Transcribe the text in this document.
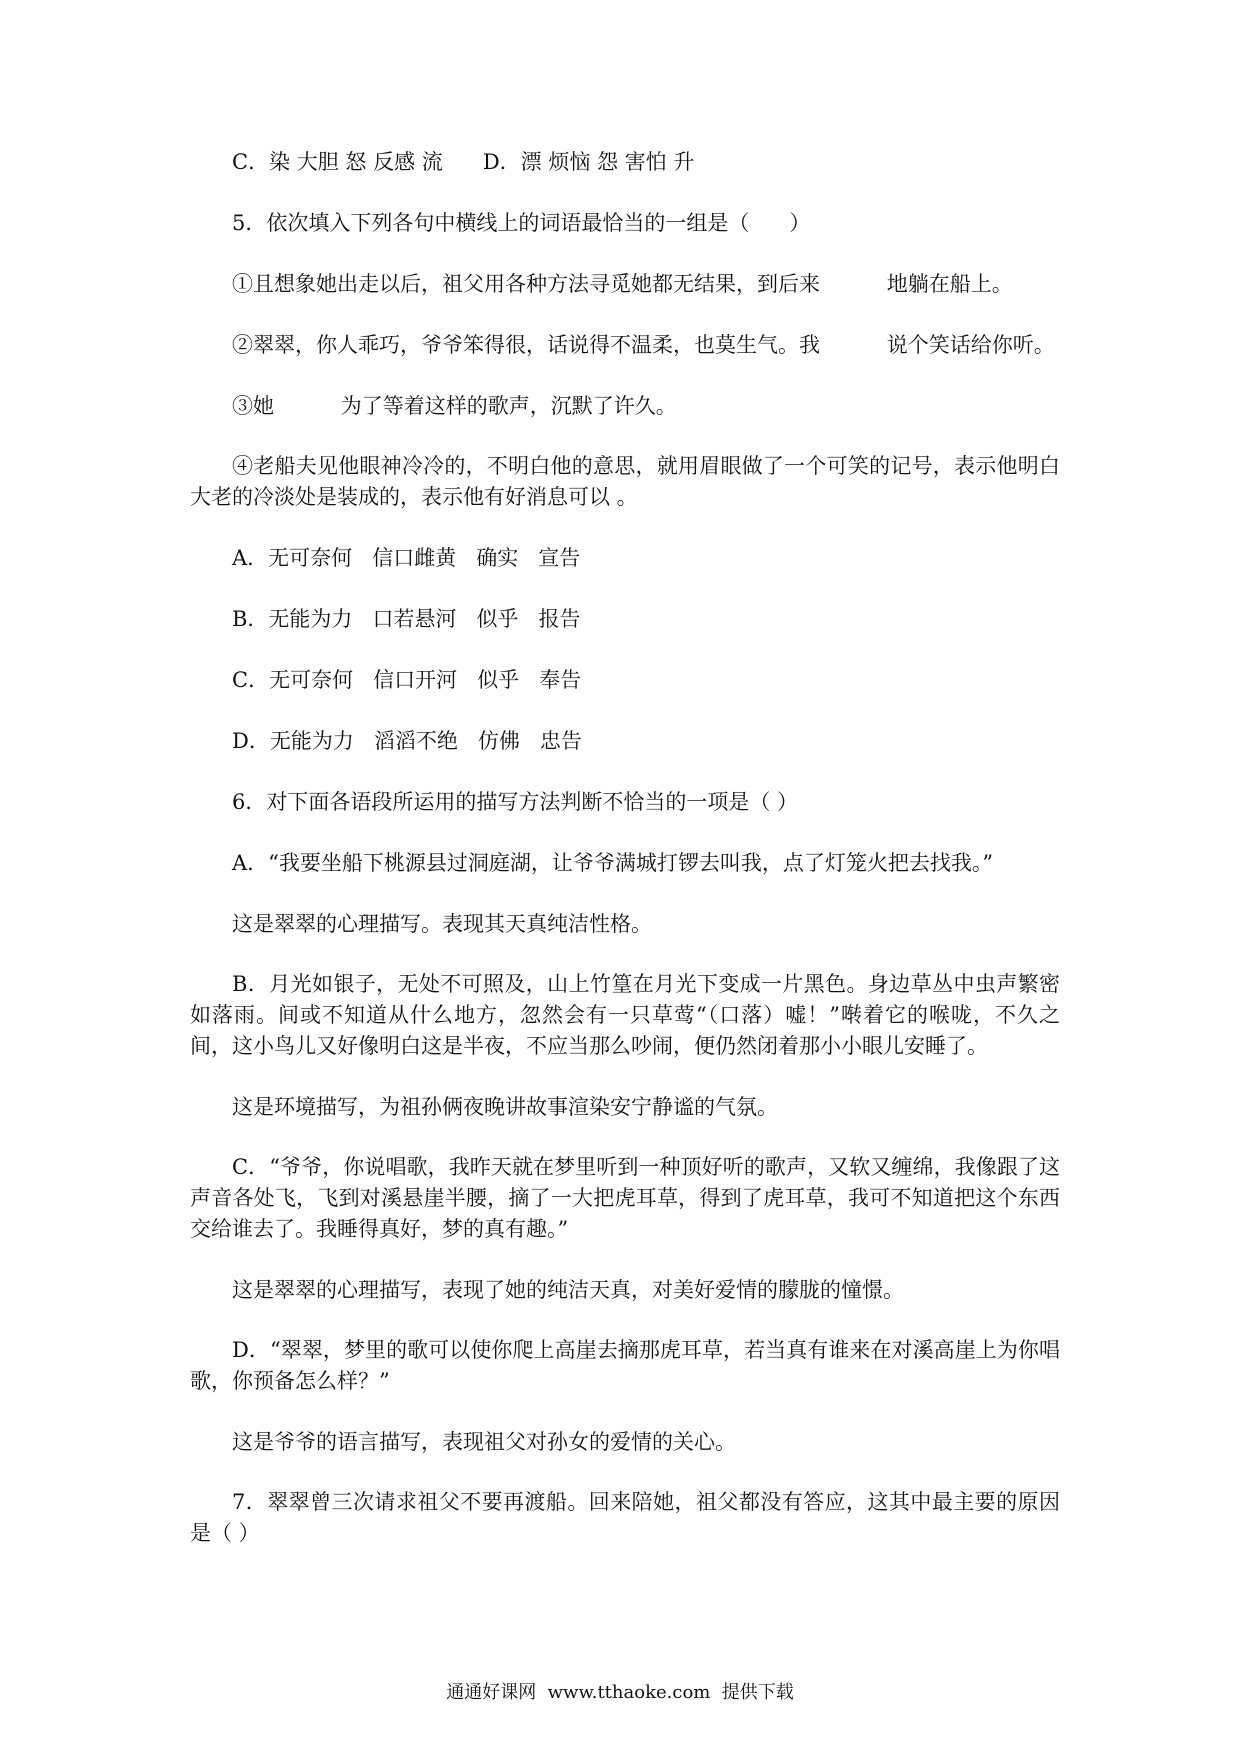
C．染 大胆 怒 反感 流      D．漂 烦恼 怨 害怕 升

5．依次填入下列各句中横线上的词语最恰当的一组是（      ）

①且想象她出走以后，祖父用各种方法寻觅她都无结果，到后来          地躺在船上。

②翠翠，你人乖巧，爷爷笨得很，话说得不温柔，也莫生气。我          说个笑话给你听。

③她          为了等着这样的歌声，沉默了许久。

④老船夫见他眼神冷冷的，不明白他的意思，就用眉眼做了一个可笑的记号，表示他明白大老的冷淡处是装成的，表示他有好消息可以 。

A．无可奈何   信口雌黄   确实   宣告

B．无能为力   口若悬河   似乎   报告

C．无可奈何   信口开河   似乎   奉告

D．无能为力   滔滔不绝   仿佛   忠告

6．对下面各语段所运用的描写方法判断不恰当的一项是（ ）

A．“我要坐船下桃源县过洞庭湖，让爷爷满城打锣去叫我，点了灯笼火把去找我。”

这是翠翠的心理描写。表现其天真纯洁性格。

B．月光如银子，无处不可照及，山上竹篁在月光下变成一片黑色。身边草丛中虫声繁密如落雨。间或不知道从什么地方，忽然会有一只草莺“（口落）嘘！”啭着它的喉咙，不久之间，这小鸟儿又好像明白这是半夜，不应当那么吵闹，便仍然闭着那小小眼儿安睡了。

这是环境描写，为祖孙俩夜晚讲故事渲染安宁静谧的气氛。

C．“爷爷，你说唱歌，我昨天就在梦里听到一种顶好听的歌声，又软又缠绵，我像跟了这声音各处飞，飞到对溪悬崖半腰，摘了一大把虎耳草，得到了虎耳草，我可不知道把这个东西交给谁去了。我睡得真好，梦的真有趣。”

这是翠翠的心理描写，表现了她的纯洁天真，对美好爱情的朦胧的憧憬。

D．“翠翠，梦里的歌可以使你爬上高崖去摘那虎耳草，若当真有谁来在对溪高崖上为你唱歌，你预备怎么样？”

这是爷爷的语言描写，表现祖父对孙女的爱情的关心。

7．翠翠曾三次请求祖父不要再渡船。回来陪她，祖父都没有答应，这其中最主要的原因是（ ）

通通好课网  www.tthaoke.com  提供下载
